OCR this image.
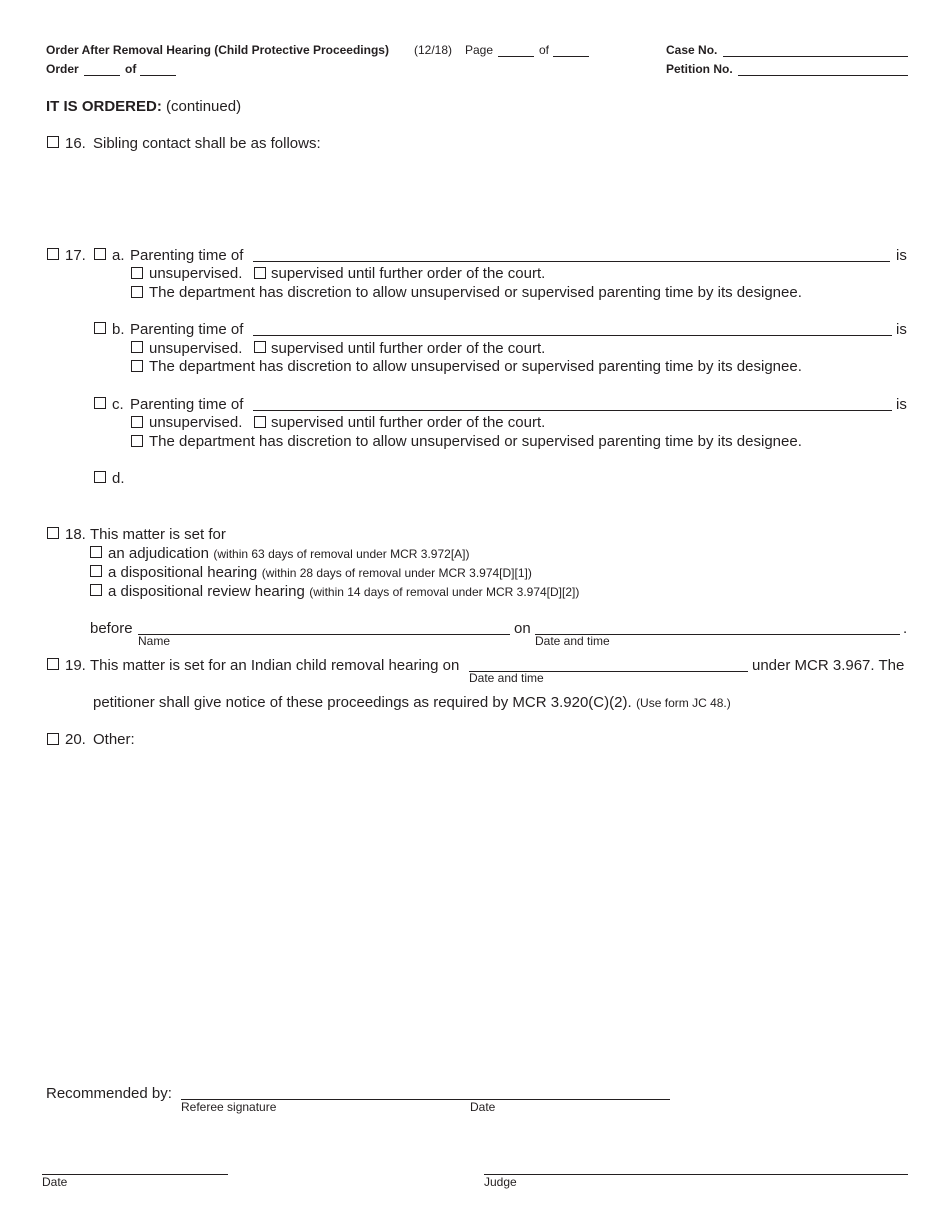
Order After Removal Hearing (Child Protective Proceedings) (12/18) Page	of
Order	of
Case No.
Petition No.
IT IS ORDERED: (continued)
16. Sibling contact shall be as follows:
17. a. Parenting time of	is
unsupervised. supervised until further order of the court.
The department has discretion to allow unsupervised or supervised parenting time by its designee.
b. Parenting time of	is
unsupervised. supervised until further order of the court.
The department has discretion to allow unsupervised or supervised parenting time by its designee.
c. Parenting time of	is
unsupervised. supervised until further order of the court.
The department has discretion to allow unsupervised or supervised parenting time by its designee.
d.
18. This matter is set for
an adjudication (within 63 days of removal under MCR 3.972[A])
a dispositional hearing (within 28 days of removal under MCR 3.974[D][1])
a dispositional review hearing (within 14 days of removal under MCR 3.974[D][2])
before
Name
on
Date and time
.
19. This matter is set for an Indian child removal hearing on
Date and time
under MCR 3.967. The
petitioner shall give notice of these proceedings as required by MCR 3.920(C)(2). (Use form JC 48.)
20. Other:
Recommended by:
Referee signature	Date
Date	Judge
